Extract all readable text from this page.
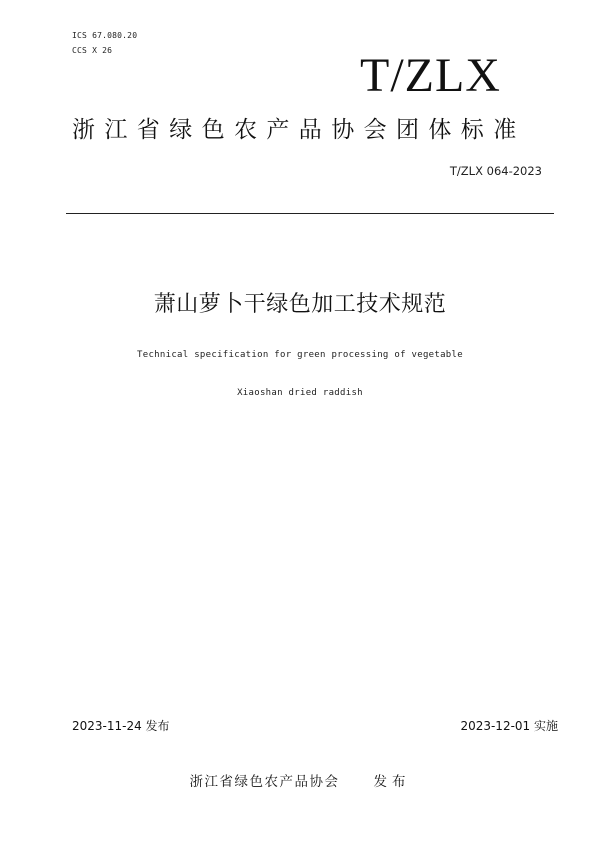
ICS 67.080.20
CCS X 26	T/ZLX
浙江省绿色农产品协会团体标准
T/ZLX 064-2023
萧山萝卜干绿色加工技术规范
Technical specification for green processing of vegetable
Xiaoshan dried raddish
2023-11-24 发布	2023-12-01 实施
浙江省绿色农产品协会	发布
